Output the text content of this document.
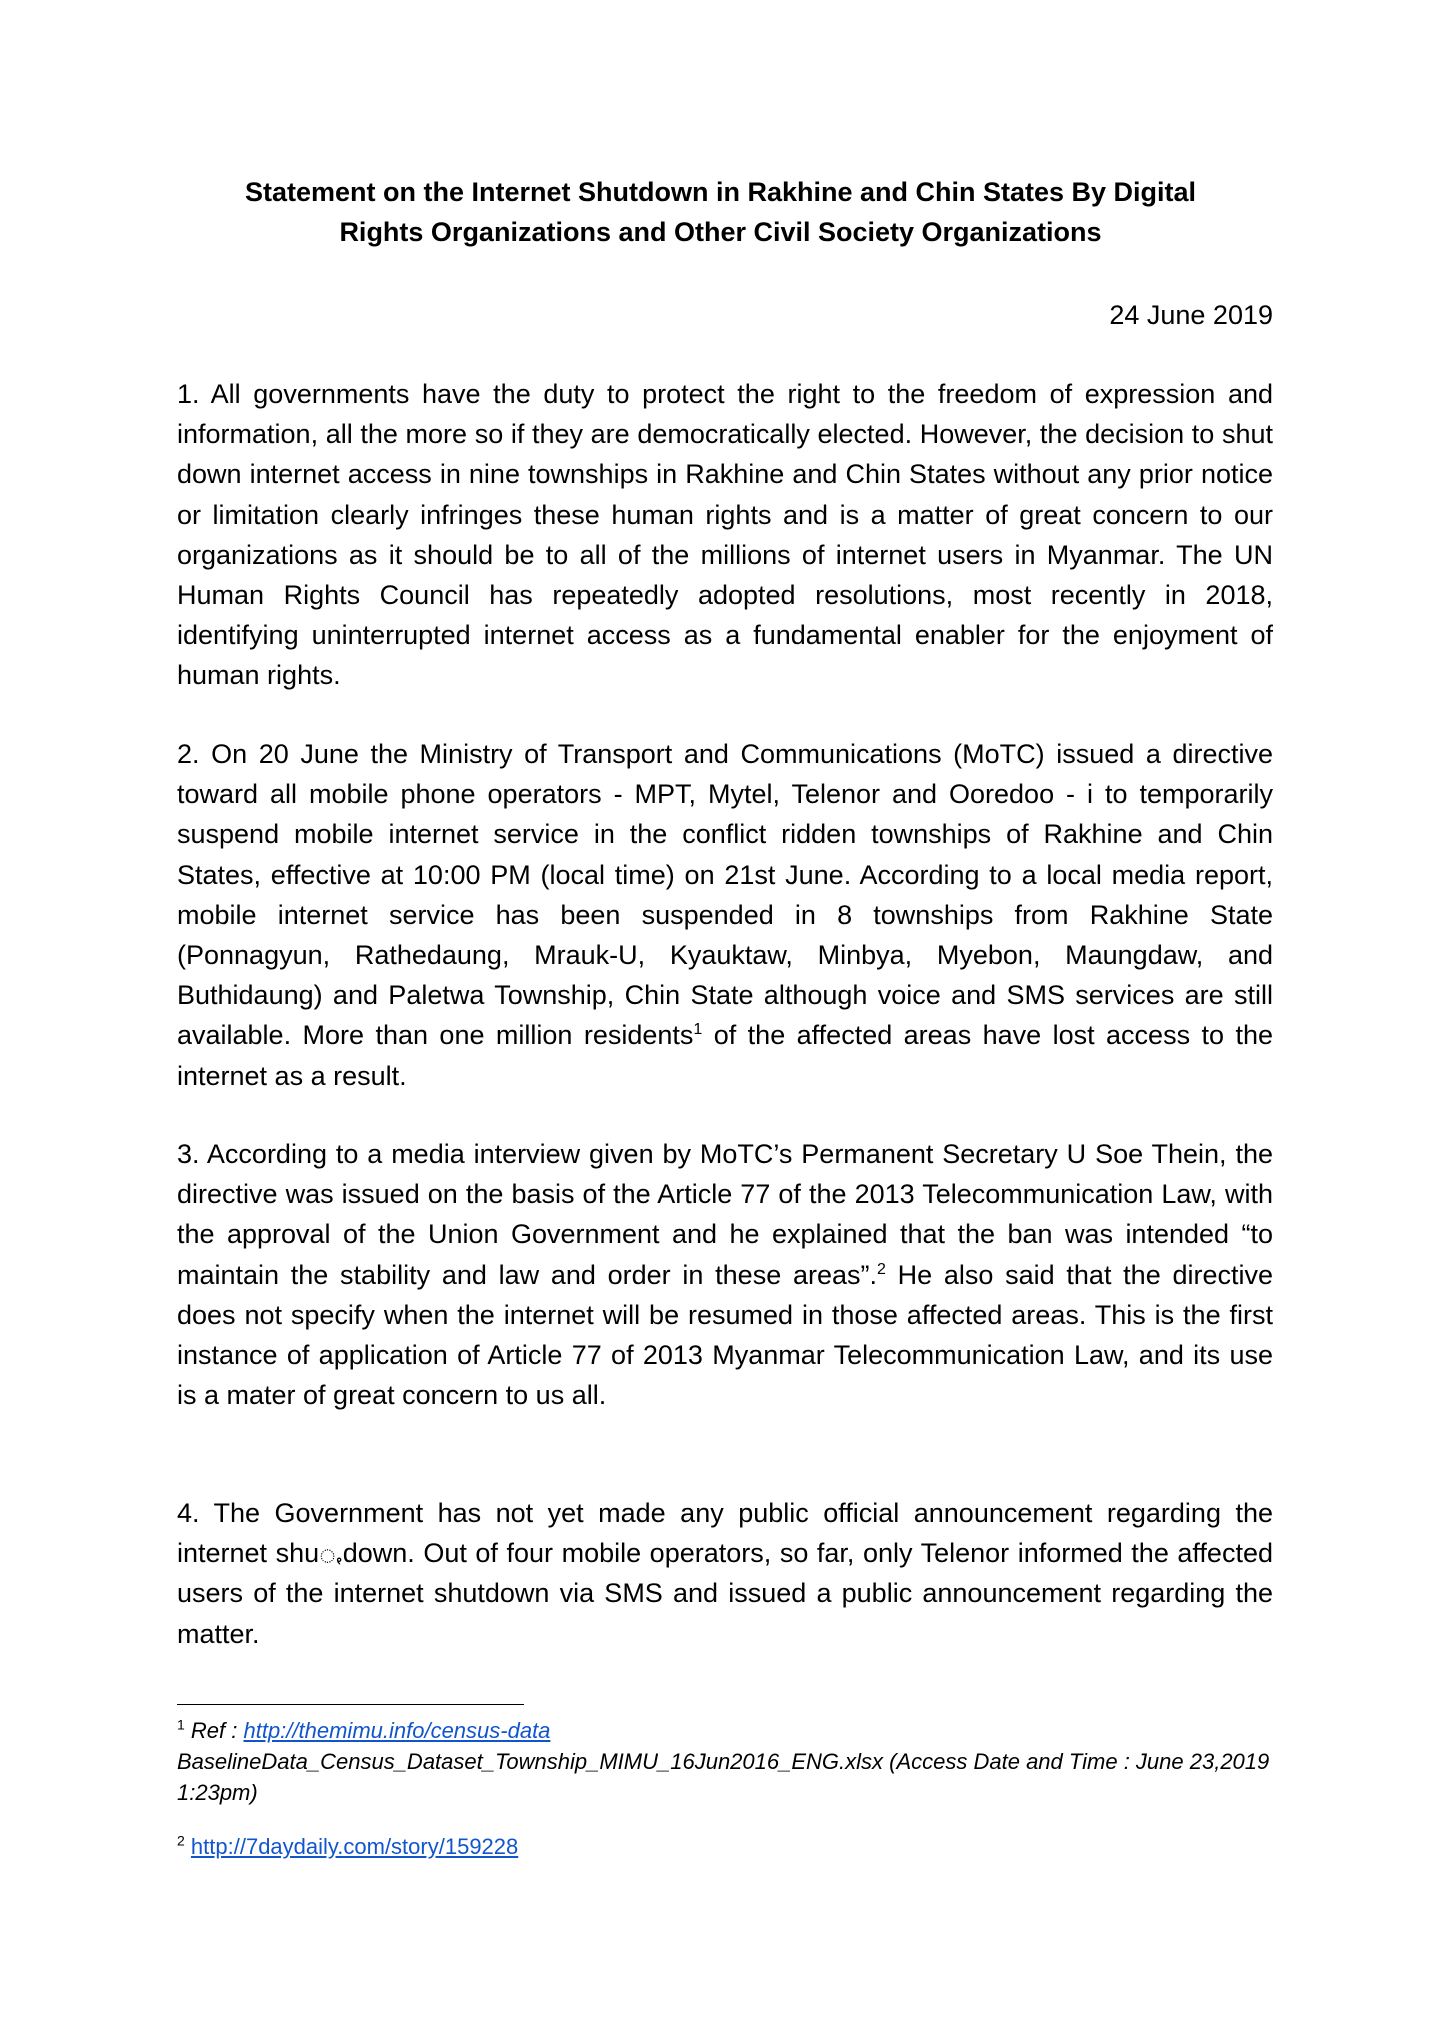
Statement on the Internet Shutdown in Rakhine and Chin States By Digital
Rights Organizations and Other Civil Society Organizations
24 June 2019

1. All governments have the duty to protect the right to the freedom of expression and information, all the more so if they are democratically elected. However, the decision to shut down internet access in nine townships in Rakhine and Chin States without any prior notice or limitation clearly infringes these human rights and is a matter of great concern to our organizations as it should be to all of the millions of internet users in Myanmar. The UN Human Rights Council has repeatedly adopted resolutions, most recently in 2018, identifying uninterrupted internet access as a fundamental enabler for the enjoyment of human rights.

2. On 20 June the Ministry of Transport and Communications (MoTC) issued a directive toward all mobile phone operators - MPT, Mytel, Telenor and Ooredoo - i to temporarily suspend mobile internet service in the conflict ridden townships of Rakhine and Chin States, effective at 10:00 PM (local time) on 21st June. According to a local media report, mobile internet service has been suspended in 8 townships from Rakhine State (Ponnagyun, Rathedaung, Mrauk-U, Kyauktaw, Minbya, Myebon, Maungdaw, and Buthidaung) and Paletwa Township, Chin State although voice and SMS services are still available. More than one million residents$^1$ of the affected areas have lost access to the internet as a result.

3. According to a media interview given by MoTC’s Permanent Secretary U Soe Thein, the directive was issued on the basis of the Article 77 of the 2013 Telecommunication Law, with the approval of the Union Government and he explained that the ban was intended “to maintain the stability and law and order in these areas”.$^2$ He also said that the directive does not specify when the internet will be resumed in those affected areas. This is the first instance of application of Article 77 of 2013 Myanmar Telecommunication Law, and its use is a mater of great concern to us all.

4. The Government has not yet made any public official announcement regarding the internet shuꩻdown. Out of four mobile operators, so far, only Telenor informed the affected users of the internet shutdown via SMS and issued a public announcement regarding the matter.

$^1$ Ref : http://themimu.info/census-data
BaselineData_Census_Dataset_Township_MIMU_16Jun2016_ENG.xlsx (Access Date and Time : June 23,2019 1:23pm)
$^2$ http://7daydaily.com/story/159228
